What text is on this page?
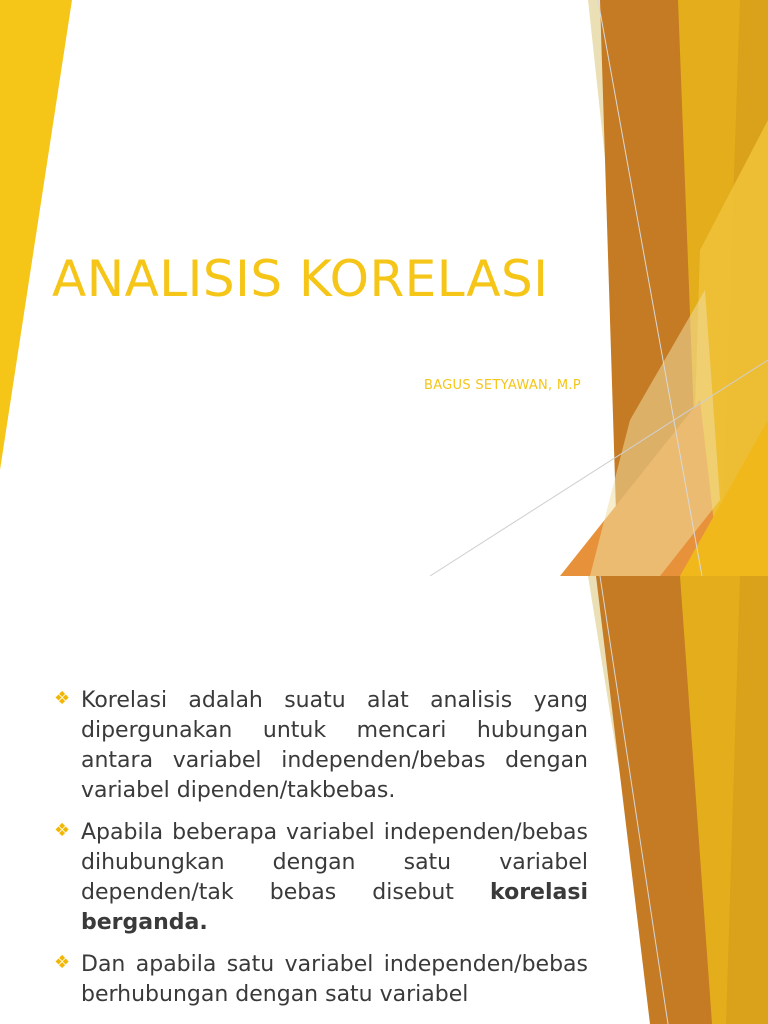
ANALISIS KORELASI
BAGUS SETYAWAN, M.P
❖ Korelasi adalah suatu alat analisis yang dipergunakan untuk mencari hubungan antara variabel independen/bebas dengan variabel dipenden/takbebas.
❖ Apabila beberapa variabel independen/bebas dihubungkan dengan satu variabel dependen/tak bebas disebut korelasi berganda.
❖ Dan apabila satu variabel independen/bebas berhubungan dengan satu variabel
